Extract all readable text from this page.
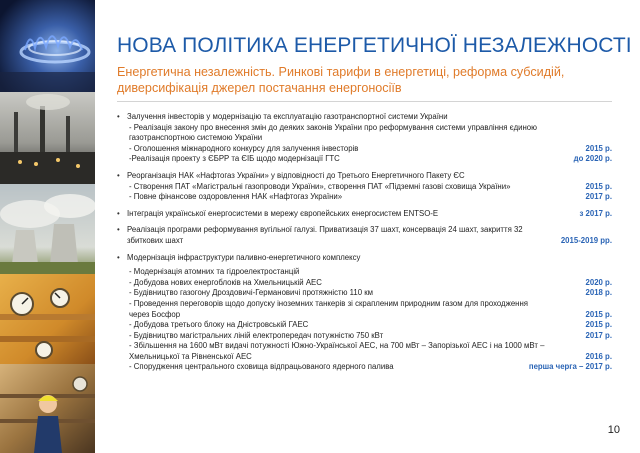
НОВА ПОЛІТИКА ЕНЕРГЕТИЧНОЇ НЕЗАЛЕЖНОСТІ
Енергетична незалежність. Ринкові тарифи в енергетиці, реформа субсидій, диверсифікація джерел постачання енергоносіїв
• Залучення інвесторів у модернізацію та експлуатацію газотранспортної системи України
- Реалізація закону про внесення змін до деяких законів України про реформування системи управління єдиною газотранспортною системою України
- Оголошення міжнародного конкурсу для залучення інвесторів	2015 р.
-Реалізація проекту з ЄБРР та ЄІБ щодо модернізації ГТС	до 2020 р.
• Реорганізація НАК «Нафтогаз України» у відповідності до Третього Енергетичного Пакету ЄС
- Створення ПАТ «Магістральні газопроводи України», створення ПАТ «Підземні газові сховища України»	2015 р.
- Повне фінансове оздоровлення НАК «Нафтогаз України»	2017 р.
• Інтеграція української енергосистеми в мережу європейських енергосистем ENTSO-E	з 2017 р.
• Реалізація програми реформування вугільної галузі. Приватизація 37 шахт, консервація 24 шахт, закриття 32 збиткових шахт	2015-2019 рр.
• Модернізація інфраструктури паливно-енергетичного комплексу
- Модернізація атомних та гідроелектростанцій
- Добудова нових енергоблоків на Хмельницькій АЕС	2020 р.
- Будівництво газогону Дроздовичі-Германовичі протяжністю 110 км	2018 р.
- Проведення переговорів щодо допуску іноземних танкерів зі скрапленим природним газом для проходження через Босфор	2015 р.
- Добудова третього блоку на Дністровській ГАЕС	2015 р.
- Будівництво магістральних ліній електропередач потужністю 750 кВт	2017 р.
- Збільшення на 1600 мВт видачі потужності Южно-Української АЕС, на 700 мВт – Запорізької АЕС і на 1000 мВт – Хмельницької та Рівненської АЕС	2016 р.
- Спорудження центрального сховища відпрацьованого ядерного палива	перша черга – 2017 р.
10
